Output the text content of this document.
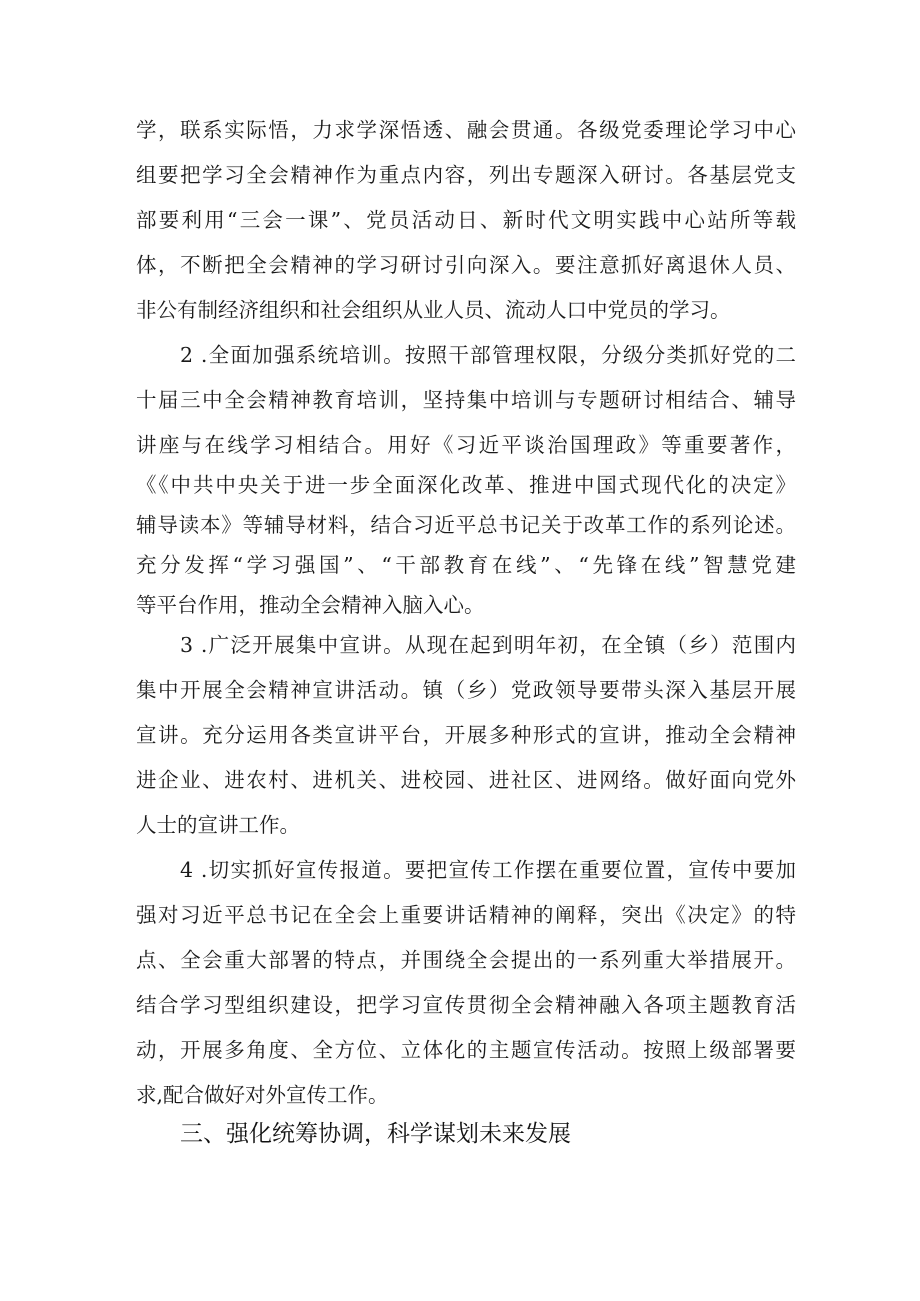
学，联系实际悟，力求学深悟透、融会贯通。各级党委理论学习中心
组要把学习全会精神作为重点内容，列出专题深入研讨。各基层党支
部要利用“三会一课”、党员活动日、新时代文明实践中心站所等载
体，不断把全会精神的学习研讨引向深入。要注意抓好离退休人员、
非公有制经济组织和社会组织从业人员、流动人口中党员的学习。
2 .全面加强系统培训。按照干部管理权限，分级分类抓好党的二
十届三中全会精神教育培训，坚持集中培训与专题研讨相结合、辅导
讲座与在线学习相结合。用好《习近平谈治国理政》等重要著作，
《《中共中央关于进一步全面深化改革、推进中国式现代化的决定》
辅导读本》等辅导材料，结合习近平总书记关于改革工作的系列论述。
充分发挥“学习强国”、“干部教育在线”、“先锋在线”智慧党建
等平台作用，推动全会精神入脑入心。
3 .广泛开展集中宣讲。从现在起到明年初，在全镇（乡）范围内
集中开展全会精神宣讲活动。镇（乡）党政领导要带头深入基层开展
宣讲。充分运用各类宣讲平台，开展多种形式的宣讲，推动全会精神
进企业、进农村、进机关、进校园、进社区、进网络。做好面向党外
人士的宣讲工作。
4 .切实抓好宣传报道。要把宣传工作摆在重要位置，宣传中要加
强对习近平总书记在全会上重要讲话精神的阐释，突出《决定》的特
点、全会重大部署的特点，并围绕全会提出的一系列重大举措展开。
结合学习型组织建设，把学习宣传贯彻全会精神融入各项主题教育活
动，开展多角度、全方位、立体化的主题宣传活动。按照上级部署要
求,配合做好对外宣传工作。
三、强化统筹协调，科学谋划未来发展
